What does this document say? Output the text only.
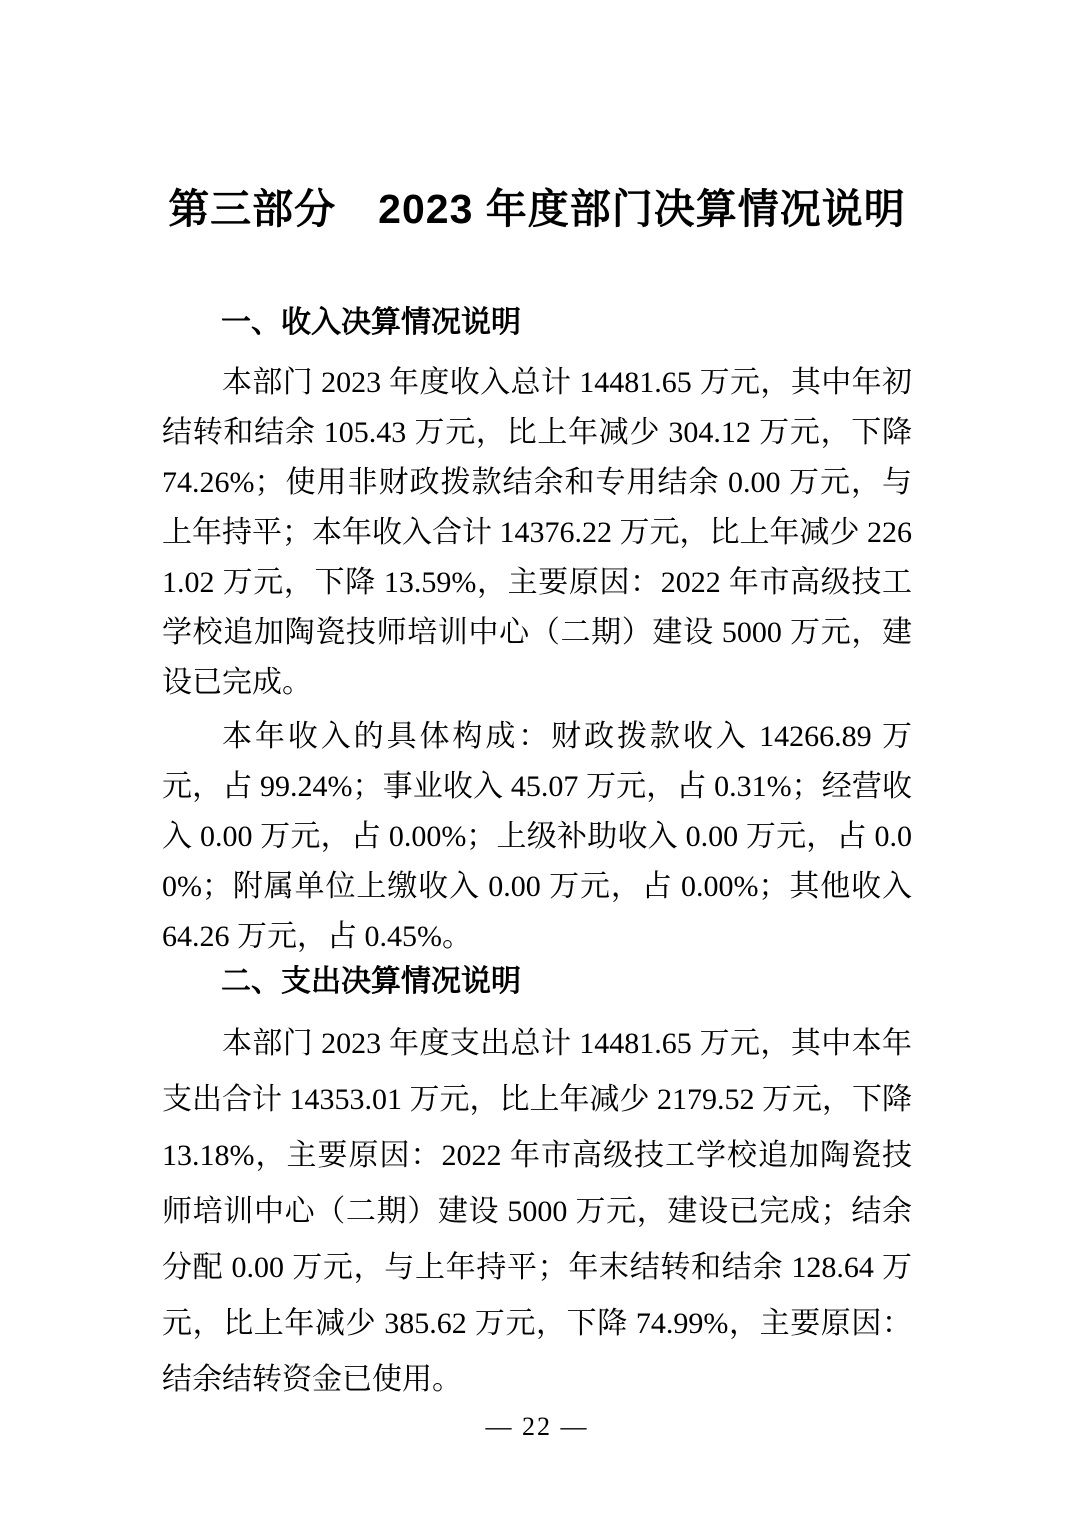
第三部分　2023 年度部门决算情况说明
一、收入决算情况说明

本部门 2023 年度收入总计 14481.65 万元，其中年初结转和结余 105.43 万元，比上年减少 304.12 万元，下降 74.26%；使用非财政拨款结余和专用结余 0.00 万元，与上年持平；本年收入合计 14376.22 万元，比上年减少 2261.02 万元，下降 13.59%，主要原因：2022 年市高级技工学校追加陶瓷技师培训中心（二期）建设 5000 万元，建设已完成。

本年收入的具体构成：财政拨款收入 14266.89 万元，占 99.24%；事业收入 45.07 万元，占 0.31%；经营收入 0.00 万元，占 0.00%；上级补助收入 0.00 万元，占 0.00%；附属单位上缴收入 0.00 万元，占 0.00%；其他收入 64.26 万元，占 0.45%。

二、支出决算情况说明

本部门 2023 年度支出总计 14481.65 万元，其中本年支出合计 14353.01 万元，比上年减少 2179.52 万元，下降 13.18%，主要原因：2022 年市高级技工学校追加陶瓷技师培训中心（二期）建设 5000 万元，建设已完成；结余分配 0.00 万元，与上年持平；年末结转和结余 128.64 万元，比上年减少 385.62 万元，下降 74.99%，主要原因：结余结转资金已使用。

— 22 —
